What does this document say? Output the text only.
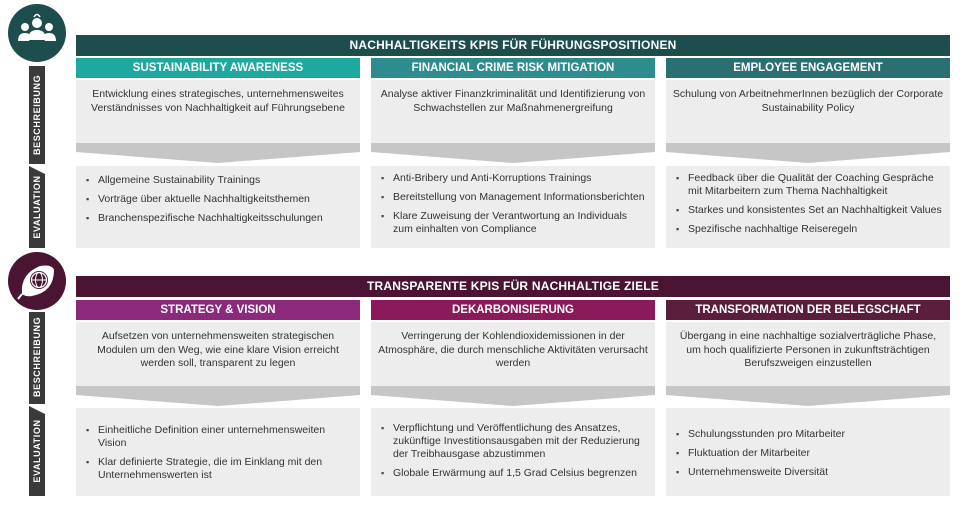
BESCHREIBUNG
EVALUATION
NACHHALTIGKEITS KPIS FÜR FÜHRUNGSPOSITIONEN
SUSTAINABILITY AWARENESS
Entwicklung eines strategisches, unternehmensweites Verständnisses von Nachhaltigkeit auf Führungsebene
▪ Allgemeine Sustainability Trainings
▪ Vorträge über aktuelle Nachhaltigkeitsthemen
▪ Branchenspezifische Nachhaltigkeitsschulungen
FINANCIAL CRIME RISK MITIGATION
Analyse aktiver Finanzkriminalität und Identifizierung von Schwachstellen zur Maßnahmenergreifung
▪ Anti-Bribery und Anti-Korruptions Trainings
▪ Bereitstellung von Management Informationsberichten
▪ Klare Zuweisung der Verantwortung an Individuals zum einhalten von Compliance
EMPLOYEE ENGAGEMENT
Schulung von ArbeitnehmerInnen bezüglich der Corporate Sustainability Policy
▪ Feedback über die Qualität der Coaching Gespräche mit Mitarbeitern zum Thema Nachhaltigkeit
▪ Starkes und konsistentes Set an Nachhaltigkeit Values
▪ Spezifische nachhaltige Reiseregeln
BESCHREIBUNG
EVALUATION
TRANSPARENTE KPIS FÜR NACHHALTIGE ZIELE
STRATEGY & VISION
Aufsetzen von unternehmensweiten strategischen Modulen um den Weg, wie eine klare Vision erreicht werden soll, transparent zu legen
▪ Einheitliche Definition einer unternehmensweiten Vision
▪ Klar definierte Strategie, die im Einklang mit den Unternehmenswerten ist
DEKARBONISIERUNG
Verringerung der Kohlendioxidemissionen in der Atmosphäre, die durch menschliche Aktivitäten verursacht werden
▪ Verpflichtung und Veröffentlichung des Ansatzes, zukünftige Investitionsausgaben mit der Reduzierung der Treibhausgase abzustimmen
▪ Globale Erwärmung auf 1,5 Grad Celsius begrenzen
TRANSFORMATION DER BELEGSCHAFT
Übergang in eine nachhaltige sozialverträgliche Phase, um hoch qualifizierte Personen in zukunftsträchtigen Berufszweigen einzustellen
▪ Schulungsstunden pro Mitarbeiter
▪ Fluktuation der Mitarbeiter
▪ Unternehmensweite Diversität
